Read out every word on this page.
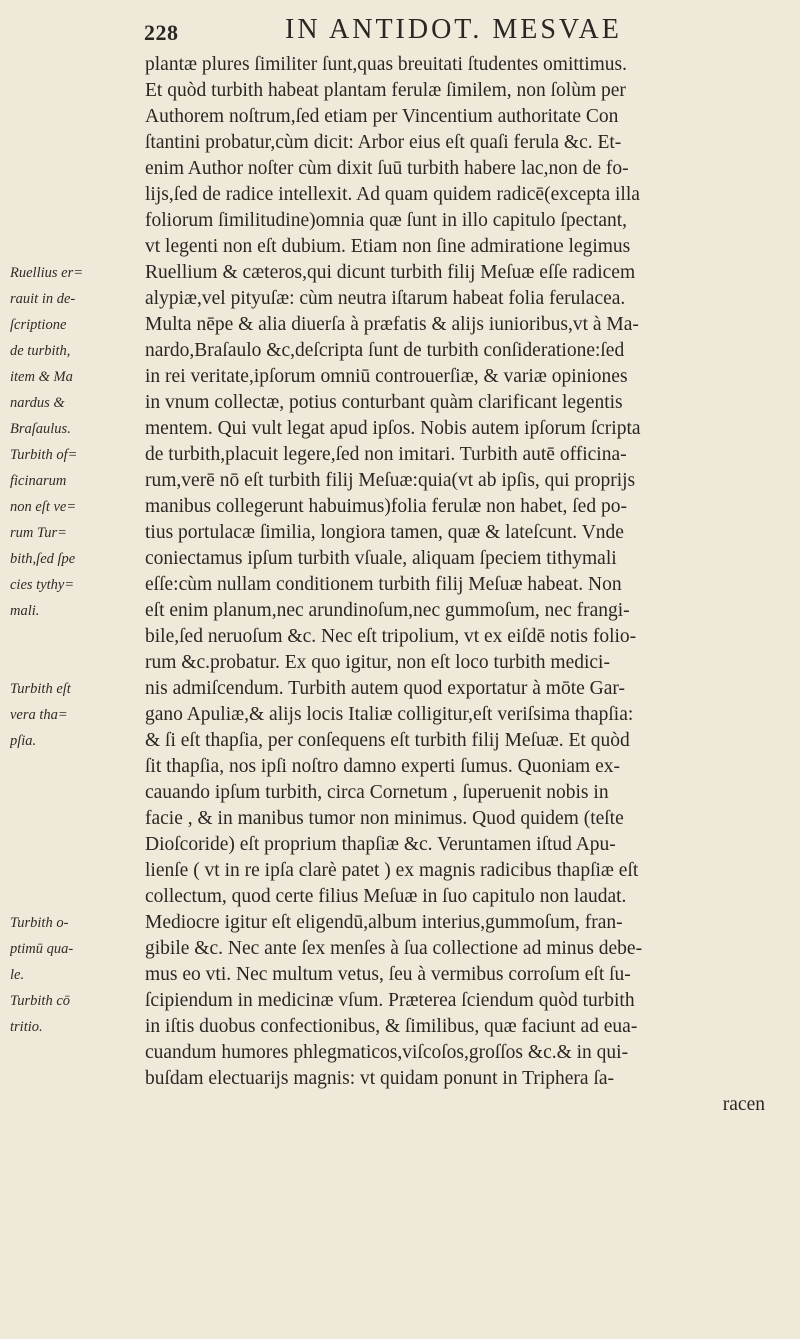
228	IN ANTIDOT. MESVAE
plantæ plures ſimiliter ſunt,quas breuitati ſtudentes omittimus.
Et quòd turbith habeat plantam ferulæ ſimilem, non ſolùm per
Authorem noſtrum,ſed etiam per Vincentium authoritate Con
ſtantini probatur,cùm dicit: Arbor eius eſt quaſi ferula &c. Et-
enim Author noſter cùm dixit ſuū turbith habere lac,non de fo-
lijs,ſed de radice intellexit. Ad quam quidem radicē(excepta illa
foliorum ſimilitudine)omnia quæ ſunt in illo capitulo ſpectant,
vt legenti non eſt dubium. Etiam non ſine admiratione legimus
Ruellium & cæteros,qui dicunt turbith filij Meſuæ eſſe radicem
alypiæ,vel pityuſæ: cùm neutra iſtarum habeat folia ferulacea.
Multa nēpe & alia diuerſa à præfatis & alijs iunioribus,vt à Ma-
nardo,Braſaulo &c,deſcripta ſunt de turbith conſideratione:ſed
in rei veritate,ipſorum omniū controuerſiæ, & variæ opiniones
in vnum collectæ, potius conturbant quàm clarificant legentis
mentem. Qui vult legat apud ipſos. Nobis autem ipſorum ſcripta
de turbith,placuit legere,ſed non imitari. Turbith autē officina-
rum,verē nō eſt turbith filij Meſuæ:quia(vt ab ipſis, qui proprijs
manibus collegerunt habuimus)folia ferulæ non habet, ſed po-
tius portulacæ ſimilia, longiora tamen, quæ & lateſcunt. Vnde
coniectamus ipſum turbith vſuale, aliquam ſpeciem tithymali
eſſe:cùm nullam conditionem turbith filij Meſuæ habeat. Non
eſt enim planum,nec arundinoſum,nec gummoſum, nec frangi-
bile,ſed neruoſum &c. Nec eſt tripolium, vt ex eiſdē notis folio-
rum &c.probatur. Ex quo igitur, non eſt loco turbith medici-
nis admiſcendum. Turbith autem quod exportatur à mōte Gar-
gano Apuliæ,& alijs locis Italiæ colligitur,eſt veriſsima thapſia:
& ſi eſt thapſia, per conſequens eſt turbith filij Meſuæ. Et quòd
ſit thapſia, nos ipſi noſtro damno experti ſumus. Quoniam ex-
cauando ipſum turbith, circa Cornetum , ſuperuenit nobis in
facie , & in manibus tumor non minimus. Quod quidem (teſte
Dioſcoride) eſt proprium thapſiæ &c. Veruntamen iſtud Apu-
lienſe ( vt in re ipſa clarè patet ) ex magnis radicibus thapſiæ eſt
collectum, quod certe filius Meſuæ in ſuo capitulo non laudat.
Mediocre igitur eſt eligendū,album interius,gummoſum, fran-
gibile &c. Nec ante ſex menſes à ſua collectione ad minus debe-
mus eo vti. Nec multum vetus, ſeu à vermibus corroſum eſt ſu-
ſcipiendum in medicinæ vſum. Præterea ſciendum quòd turbith
in iſtis duobus confectionibus, & ſimilibus, quæ faciunt ad eua-
cuandum humores phlegmaticos,viſcoſos,groſſos &c.& in qui-
buſdam electuarijs magnis: vt quidam ponunt in Triphera ſa-
racen
Ruellius er=
rauit in de-
ſcriptione
de turbith,
item & Ma
nardus &
Braſaulus.
Turbith of=
ficinarum
non eſt ve=
rum Tur=
bith,ſed ſpe
cies tythy=
mali.
Turbith eſt
vera tha=
pſia.
Turbith o-
ptimū qua-
le.
Turbith cō
tritio.
